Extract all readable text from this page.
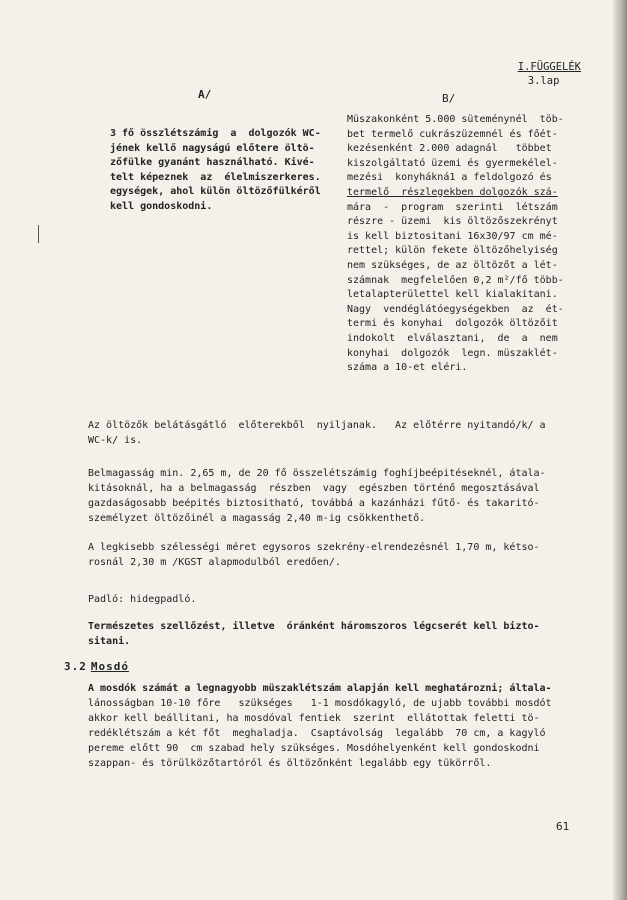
I.FÜGGELÉK
3.lap
A/	B/

3 fő összlétszámig  a  dolgozók WC-

jének kellő nagyságú előtere öltö-

zőfülke gyanánt használható. Kivé-

telt képeznek  az  élelmiszerkeres.

egységek, ahol külön öltözőfülkéről

kell gondoskodni.

Müszakonként 5.000 süteménynél  töb-

bet termelő cukrászüzemnél és főét-

kezésenként 2.000 adagnál   többet

kiszolgáltató üzemi és gyermekélel-

mezési  konyhákná1 a feldolgozó és

termelő  részlegekben dolgozók szá-

mára  -  program  szerinti  létszám

részre - üzemi  kis öltözőszekrényt

is kell biztositani 16x30/97 cm mé-

rettel; külön fekete öltözőhelyiség

nem szükséges, de az öltözőt a lét-

számnak  megfelelően 0,2 m²/fő több-

letalapterülettel kell kialakitani.

Nagy  vendéglátóegységekben  az  ét-

termi és konyhai  dolgozók öltözőit

indokolt  elválasztani,  de  a  nem

konyhai  dolgozók  legn. müszaklét-

száma a 10-et eléri.

Az öltözők belátásgátló  előterekből  nyiljanak.   Az előtérre nyitandó/k/ a

WC-k/ is.

Belmagasság min. 2,65 m, de 20 fő összelétszámig foghíjbeépitéseknél, átala-

kitásoknál, ha a belmagasság  részben  vagy  egészben történő megosztásával

gazdaságosabb beépités biztositható, továbbá a kazánházi fűtő- és takaritó-

személyzet öltözőinél a magasság 2,40 m-ig csökkenthető.

A legkisebb szélességi méret egysoros szekrény-elrendezésnél 1,70 m, kétso-

rosnál 2,30 m /KGST alapmodulból eredően/.

Padló: hidegpadló.

Természetes szellőzést, illetve  óránként háromszoros légcserét kell bizto-

sitani.

3.2 Mosdó

A mosdók számát a legnagyobb müszaklétszám alapján kell meghatározni; általa-

lánosságban 10-10 főre   szükséges   1-1 mosdókagyló, de ujabb további mosdót

akkor kell beállitani, ha mosdóval fentiek  szerint  ellátottak feletti tö-

redéklétszám a két főt  meghaladja.  Csaptávolság  legalább  70 cm, a kagyló

pereme előtt 90  cm szabad hely szükséges. Mosdóhelyenként kell gondoskodni

szappan- és törülközőtartóról és öltözőnként legalább egy tükörről.

61
